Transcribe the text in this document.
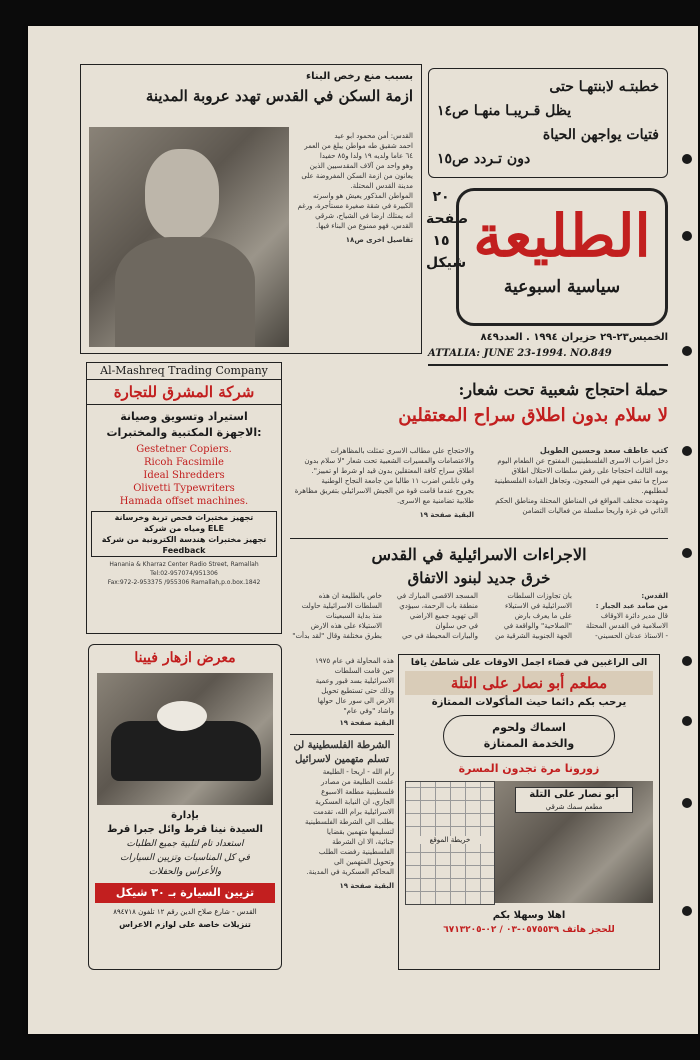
خطبتـه لابنتهـا حتى
يظل قـريبـا منهـا ص١٤
فتيات يواجهن الحياة
دون تـردد ص١٥
٢٠
صفحة
١٥
شيكل الطليعة
سياسية اسبوعية
الخميس٢٣-٢٩ حزيران ١٩٩٤ . العدد٨٤٩
ATTALIA: JUNE 23-1994. NO.849
بسبب منع رخص البناء
ازمة السكن في القدس تهدد عروبة المدينة
القدس: أمن محمود ابو عيد
احمد شقيق طه مواطن يبلغ من العمر
٦٤ عاما ولديه ١٩ ولدا و٨٥ حفيدا
وهو واحد من آلاف المقدسيين الذين
يعانون من ازمة السكن المفروضة على
مدينة القدس المحتلة.
المواطن المذكور يعيش هو واسرته
الكبيرة في شقة صغيرة مستأجرة، ورغم
انه يمتلك ارضا في الشياح، شرقي
القدس، فهو ممنوع من البناء فيها.
تفاصيل اخرى ص١٨
Al-Mashreq Trading Company
شركة المشرق للتجارة
استيراد وتسويق وصيانة
الاجهزة المكتبية والمختبرات:
Gestetner Copiers.
Ricoh Facsimile
Ideal Shredders
Olivetti Typewriters
Hamada offset machines.
تجهيز مختبرات فحص تربة وخرسانة
ومياه من شركة ELE
تجهيز مختبرات هندسة الكترونية من شركة
Feedback
Hanania & Kharraz Center Radio Street, Ramallah
Tel:02-957074/951306
Fax:972-2-953375 /955306 Ramallah,p.o.box.1842
معرض ازهار فيينا
بإدارة
السيدة نينا قرط وائل جبرا قرط
استعداد تام لتلبية جميع الطلبات
في كل المناسبات وتزيين السيارات
والأعراس والحفلات
تزيين السيارة بـ ٣٠ شيكل
القدس - شارع صلاح الدين رقم ١٢ تلفون ٨٩٤٧١٨
تنزيلات خاصة على لوازم الاعراس
حملة احتجاج شعبية تحت شعار:
لا سلام بدون اطلاق سراح المعتقلين
كتب عاطف سعد وحسين الطويل
دخل اضراب الاسرى الفلسطينيين المفتوح عن الطعام اليوم
يومه الثالث احتجاجا على رفض سلطات الاحتلال اطلاق
سراح ما تبقى منهم في السجون، وتجاهل القيادة الفلسطينية
لمطلبهم.
وشهدت مختلف المواقع في المناطق المحتلة ومناطق الحكم
الذاتي في غزة واريحا سلسلة من فعاليات التضامن
والاحتجاج على مطالب الاسرى تمثلت بالمظاهرات
والاعتصامات والمسيرات الشعبية تحت شعار "لا سلام بدون
اطلاق سراح كافة المعتقلين بدون قيد او شرط او تمييز".
وفي نابلس اضرب ١١ طالبا من جامعة النجاح الوطنية
بجروح عندما قامت قوة من الجيش الاسرائيلي بتفريق مظاهرة
طلابية تضامنية مع الاسرى.
البقية صفحة ١٩
الاجراءات الاسرائيلية في القدس
خرق جديد لبنود الاتفاق
القدس:
من صامد عبد الجبار :
قال مدير دائرة الاوقاف
الاسلامية في القدس المحتلة
- الاستاذ عدنان الحسيني-
بان تجاوزات السلطات
الاسرائيلية في الاستيلاء
على ما يعرف بارض
"الصلاحية" والواقعة في
الجهة الجنوبية الشرقية من
المسجد الاقصى المبارك في
منطقة باب الرحمة، سيؤدي
الى تهويد جميع الاراضي
في حي سلوان
والبيارات المحيطة في حي
خاص بالطليعة ان هذه
السلطات الاسرائيلية حاولت
منذ بداية السبعينات
الاستيلاء على هذه الارض
بطرق مختلفة وقال "لقد بدأت"
هذه المحاولة في عام ١٩٧٥
حين قامت السلطات
الاسرائيلية بسد قبور وعمية
وذلك حتى تستطيع تحويل
الارض الى سور عال حولها
واشاد "وفي عام"
البقية صفحة ١٩
الشرطة الفلسطينية لن تسلم متهمين لاسرائيل
رام الله - اريحا - الطليعة
علمت الطليعة من مصادر
فلسطينية مطلعة الاسبوع
الجاري، ان النيابة العسكرية
الاسرائيلية برام الله، تقدمت
بطلب الى الشرطة الفلسطينية
لتسليمها متهمين بقضايا
جنائية، الا ان الشرطة
الفلسطينية رفضت الطلب
وتحويل المتهمين الى
المحاكم العسكرية في المدينة.
البقية صفحة ١٩
الى الراغبين في قضاء اجمل الاوقات على شاطئ يافا
مطعم أبو نصار على التلة
يرحب بكم دائما حيث المأكولات الممتازة
اسماك ولحوم
والخدمة الممتازة
زورونا مرة تجدون المسرة
خريطة الموقع
أبو نصار على التلة
مطعم سمك شرقي
اهلا وسهلا بكم
للحجز هاتف ٠٥٧٥٥٣٩-٠٣ / ٠٢-٦٧١٣٢٠٥
